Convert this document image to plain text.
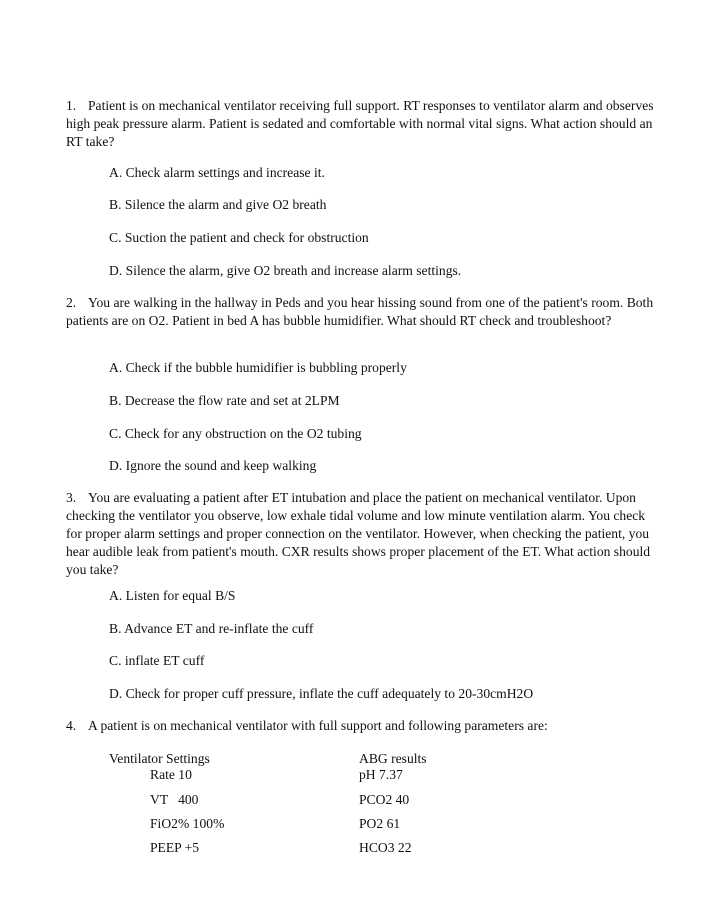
1. Patient is on mechanical ventilator receiving full support. RT responses to ventilator alarm and observes high peak pressure alarm. Patient is sedated and comfortable with normal vital signs. What action should an RT take?

A. Check alarm settings and increase it.

B. Silence the alarm and give O2 breath

C. Suction the patient and check for obstruction

D. Silence the alarm, give O2 breath and increase alarm settings.

2. You are walking in the hallway in Peds and you hear hissing sound from one of the patient's room. Both patients are on O2. Patient in bed A has bubble humidifier. What should RT check and troubleshoot?

A. Check if the bubble humidifier is bubbling properly

B. Decrease the flow rate and set at 2LPM

C. Check for any obstruction on the O2 tubing

D. Ignore the sound and keep walking

3. You are evaluating a patient after ET intubation and place the patient on mechanical ventilator. Upon checking the ventilator you observe, low exhale tidal volume and low minute ventilation alarm. You check for proper alarm settings and proper connection on the ventilator. However, when checking the patient, you hear audible leak from patient's mouth. CXR results shows proper placement of the ET. What action should you take?

A. Listen for equal B/S

B. Advance ET and re-inflate the cuff

C. inflate ET cuff

D. Check for proper cuff pressure, inflate the cuff adequately to 20-30cmH2O

4. A patient is on mechanical ventilator with full support and following parameters are:

Ventilator Settings	ABG results

Rate 10	pH 7.37

VT   400	PCO2 40

FiO2% 100%	PO2 61

PEEP +5	HCO3 22
